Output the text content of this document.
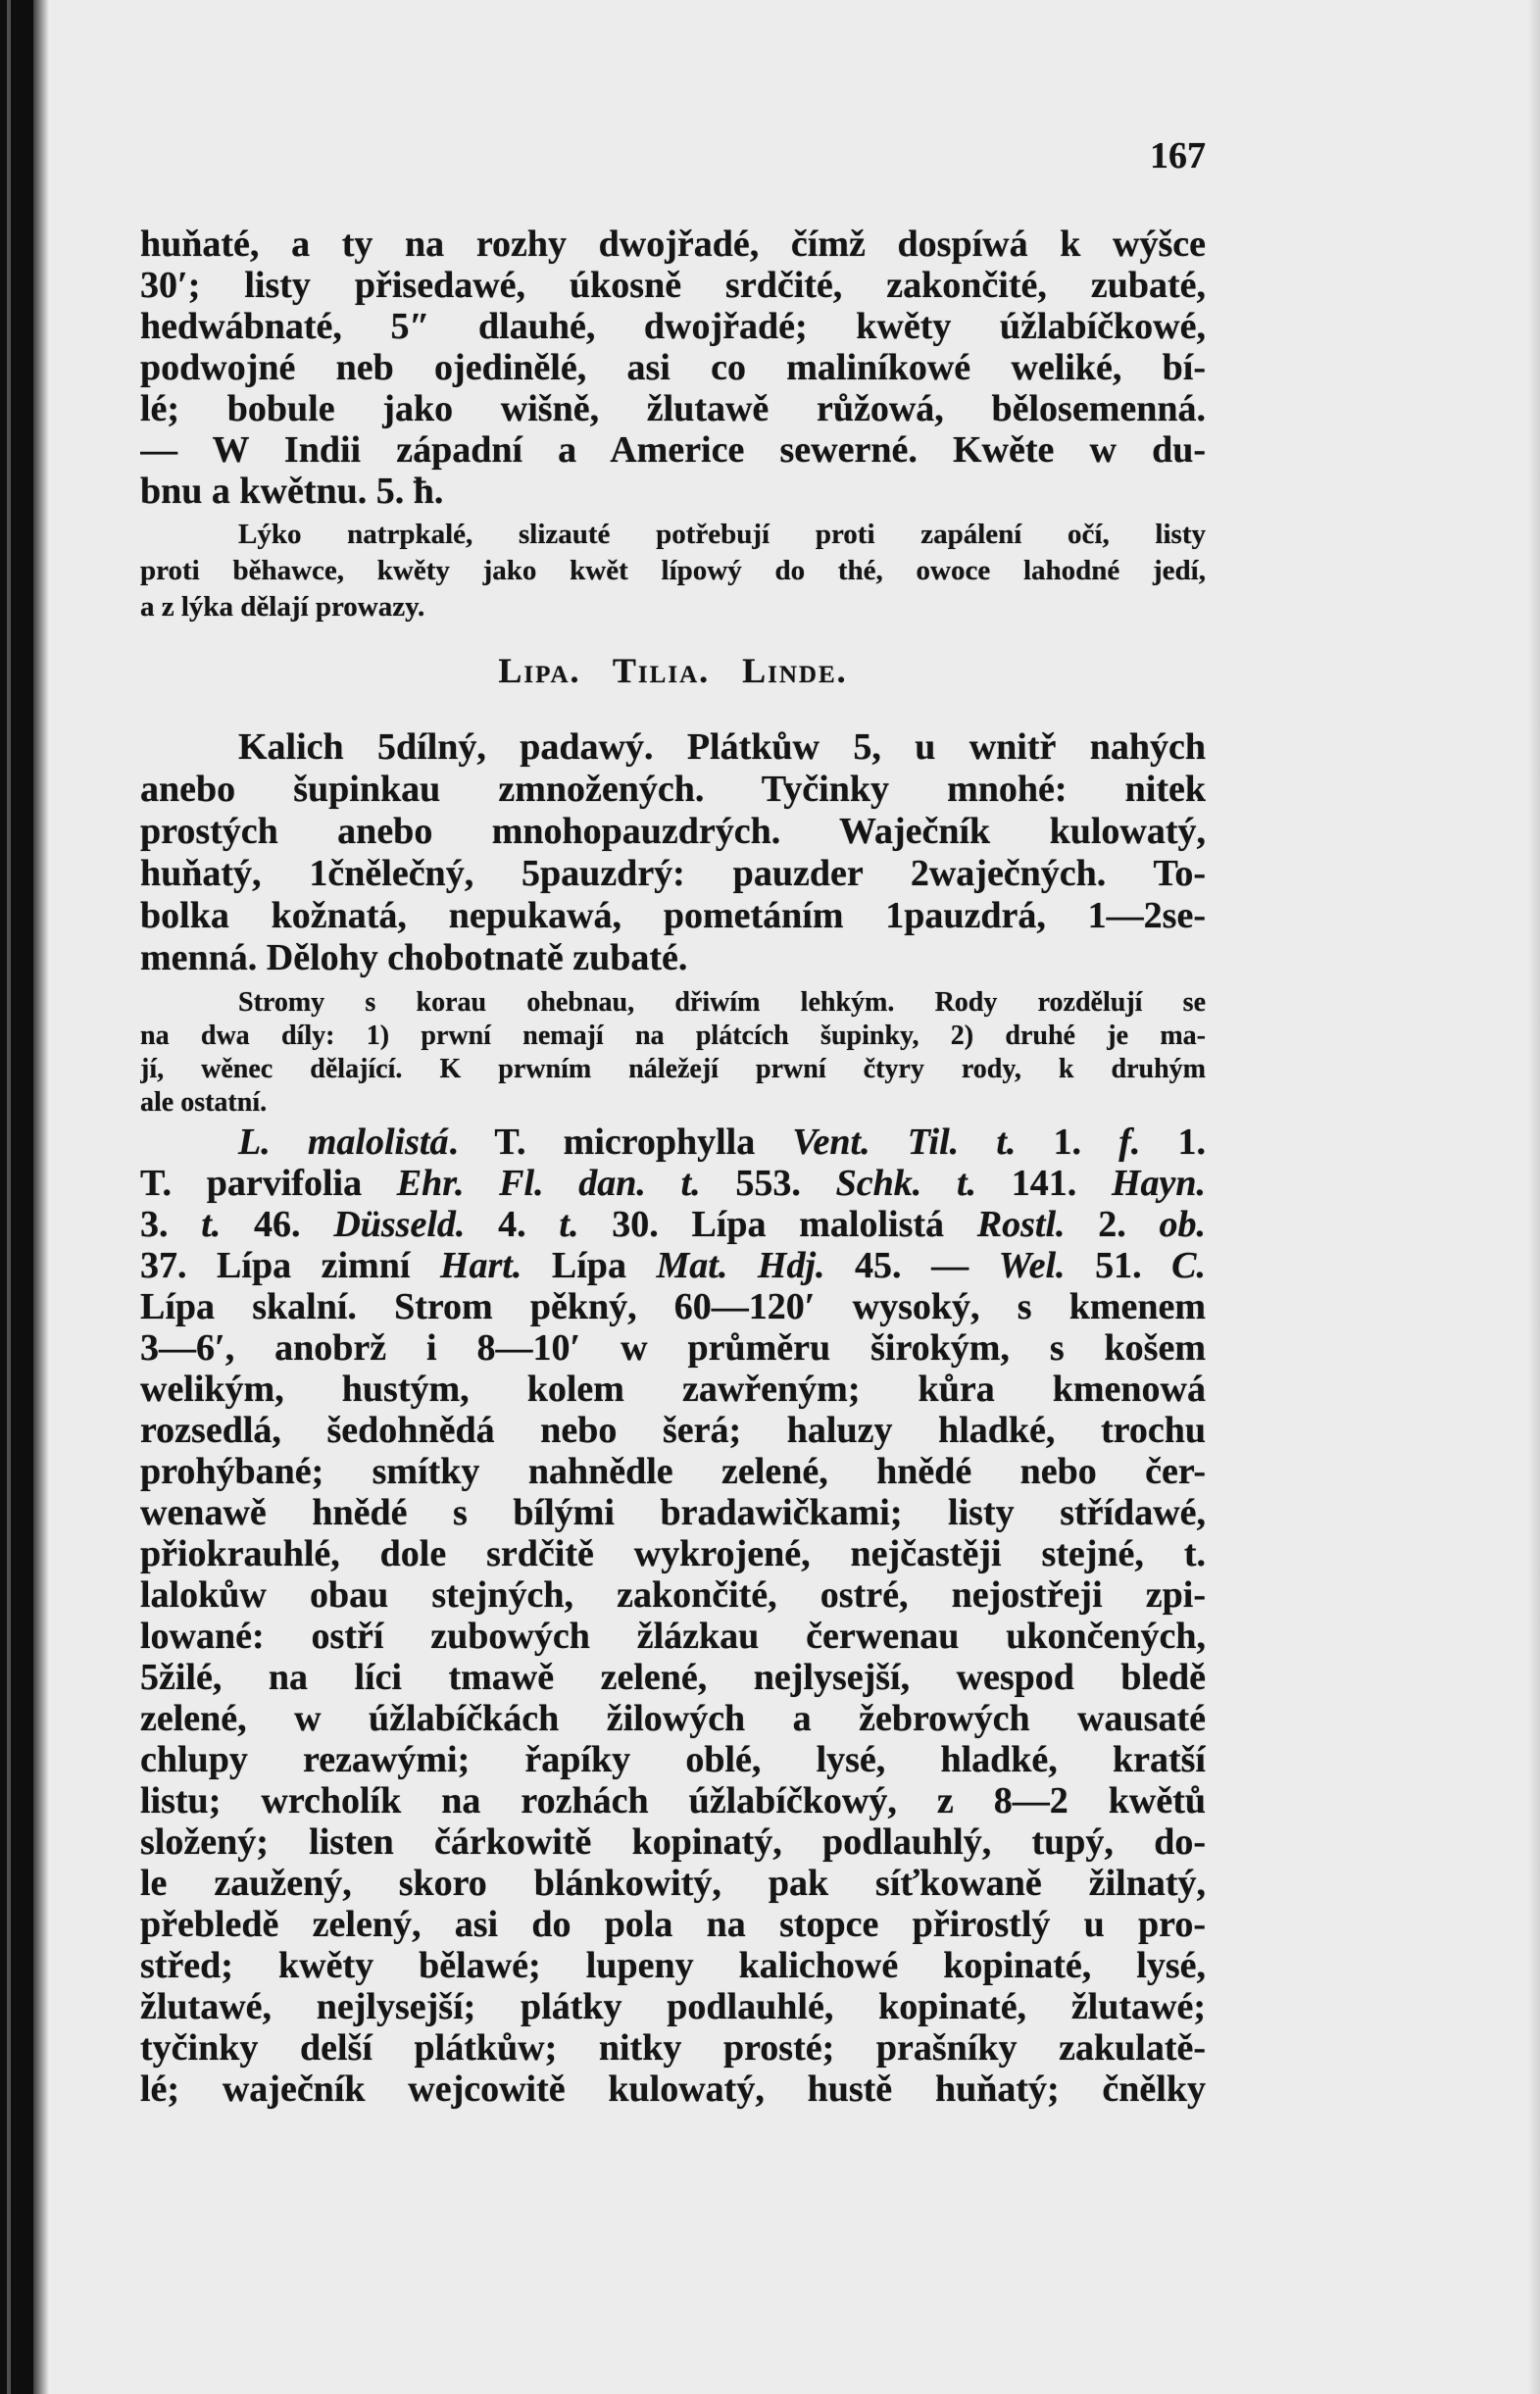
167
huňaté, a ty na rozhy dwojřadé, čímž dospíwá k wýšce
30′; listy přisedawé, úkosně srdčité, zakončité, zubaté,
hedwábnaté, 5″ dlauhé, dwojřadé; kwěty úžlabíčkowé,
podwojné neb ojedinělé, asi co maliníkowé weliké, bí-
lé; bobule jako wišně, žlutawě růžowá, bělosemenná.
— W Indii západní a Americe sewerné. Kwěte w du-
bnu a kwětnu. 5. ħ.
Lýko natrpkalé, slizauté potřebují proti zapálení očí, listy
proti běhawce, kwěty jako kwět lípowý do thé, owoce lahodné jedí,
a z lýka dělají prowazy.
Lipa. Tilia. Linde.
Kalich 5dílný, padawý. Plátkůw 5, u wnitř nahých
anebo šupinkau zmnožených. Tyčinky mnohé: nitek
prostých anebo mnohopauzdrých. Waječník kulowatý,
huňatý, 1čnělečný, 5pauzdrý: pauzder 2waječných. To-
bolka kožnatá, nepukawá, pometáním 1pauzdrá, 1—2se-
menná. Dělohy chobotnatě zubaté.
Stromy s korau ohebnau, dřiwím lehkým. Rody rozdělují se
na dwa díly: 1) prwní nemají na plátcích šupinky, 2) druhé je ma-
jí, wěnec dělající. K prwním náležejí prwní čtyry rody, k druhým
ale ostatní.
L. malolistá. T. microphylla Vent. Til. t. 1. f. 1.
T. parvifolia Ehr. Fl. dan. t. 553. Schk. t. 141. Hayn.
3. t. 46. Düsseld. 4. t. 30. Lípa malolistá Rostl. 2. ob.
37. Lípa zimní Hart. Lípa Mat. Hdj. 45. — Wel. 51. C.
Lípa skalní. Strom pěkný, 60—120′ wysoký, s kmenem
3—6′, anobrž i 8—10′ w průměru širokým, s košem
welikým, hustým, kolem zawřeným; kůra kmenowá
rozsedlá, šedohnědá nebo šerá; haluzy hladké, trochu
prohýbané; smítky nahnědle zelené, hnědé nebo čer-
wenawě hnědé s bílými bradawičkami; listy střídawé,
přiokrauhlé, dole srdčitě wykrojené, nejčastěji stejné, t.
lalokůw obau stejných, zakončité, ostré, nejostřeji zpi-
lowané: ostří zubowých žlázkau čerwenau ukončených,
5žilé, na líci tmawě zelené, nejlysejší, wespod bledě
zelené, w úžlabíčkách žilowých a žebrowých wausaté
chlupy rezawými; řapíky oblé, lysé, hladké, kratší
listu; wrcholík na rozhách úžlabíčkowý, z 8—2 kwětů
složený; listen čárkowitě kopinatý, podlauhlý, tupý, do-
le zaužený, skoro blánkowitý, pak síťkowaně žilnatý,
přebledě zelený, asi do pola na stopce přirostlý u pro-
střed; kwěty bělawé; lupeny kalichowé kopinaté, lysé,
žlutawé, nejlysejší; plátky podlauhlé, kopinaté, žlutawé;
tyčinky delší plátkůw; nitky prosté; prašníky zakulatě-
lé; waječník wejcowitě kulowatý, hustě huňatý; čnělky
